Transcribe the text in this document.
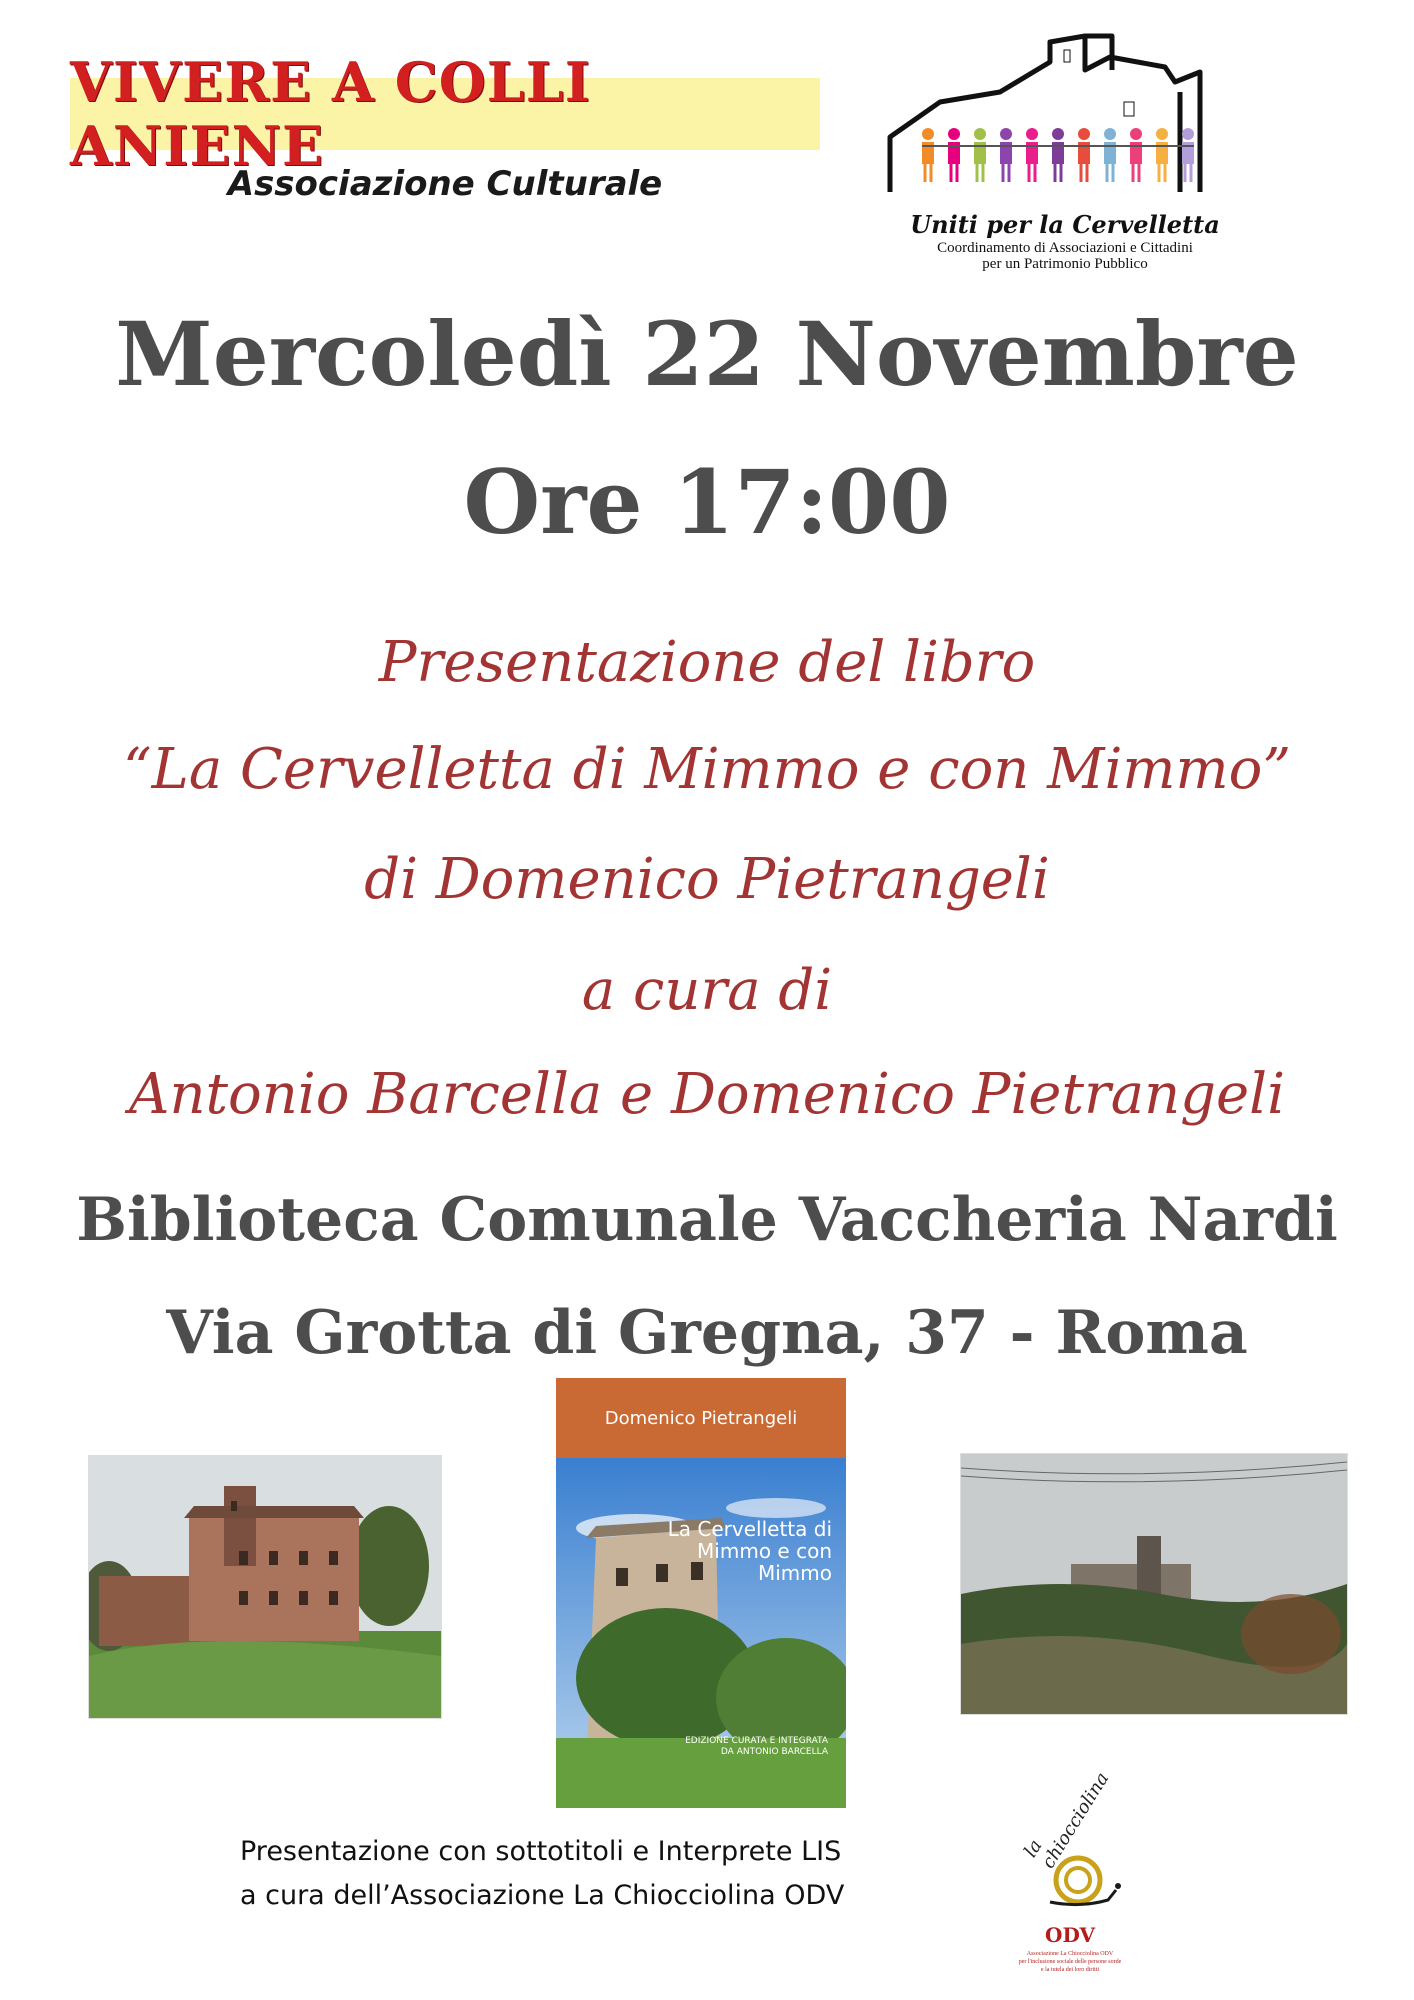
VIVERE A COLLI ANIENE
Associazione Culturale
Uniti per la Cervelletta
Coordinamento di Associazioni e Cittadini
per un Patrimonio Pubblico
Mercoledì 22 Novembre
Ore 17:00
Presentazione del libro
“La Cervelletta di Mimmo e con Mimmo”
di Domenico Pietrangeli
a cura di
Antonio Barcella e Domenico Pietrangeli
Biblioteca Comunale Vaccheria Nardi
Via Grotta di Gregna, 37 - Roma
Domenico Pietrangeli
La Cervelletta di Mimmo e con Mimmo
EDIZIONE CURATA E INTEGRATA
DA ANTONIO BARCELLA
Presentazione con sottotitoli e Interprete LIS
a cura dell’Associazione La Chiocciolina ODV
la chiocciolina
ODV
Associazione La Chiocciolina ODV
per l'inclusione sociale delle persone sorde
e la tutela dei loro diritti
